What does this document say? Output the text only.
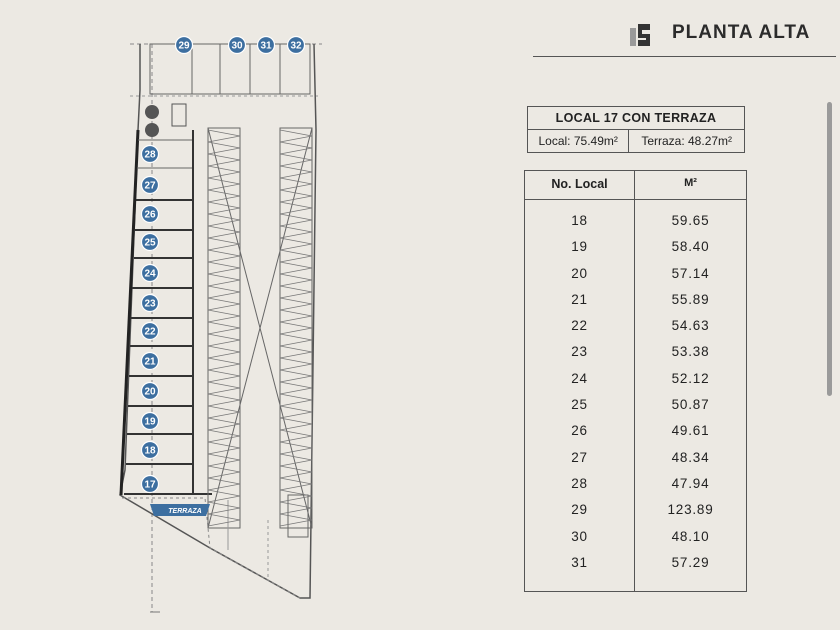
29	30 31 32
28
27
26
25
24
23
22
21
20
19
18
17
TERRAZA
PLANTA ALTA
LOCAL 17 CON TERRAZA
Local: 75.49m²	Terraza: 48.27m²
No. Local	M²
18	59.65
19	58.40
20	57.14
21	55.89
22	54.63
23	53.38
24	52.12
25	50.87
26	49.61
27	48.34
28	47.94
29	123.89
30	48.10
31	57.29
